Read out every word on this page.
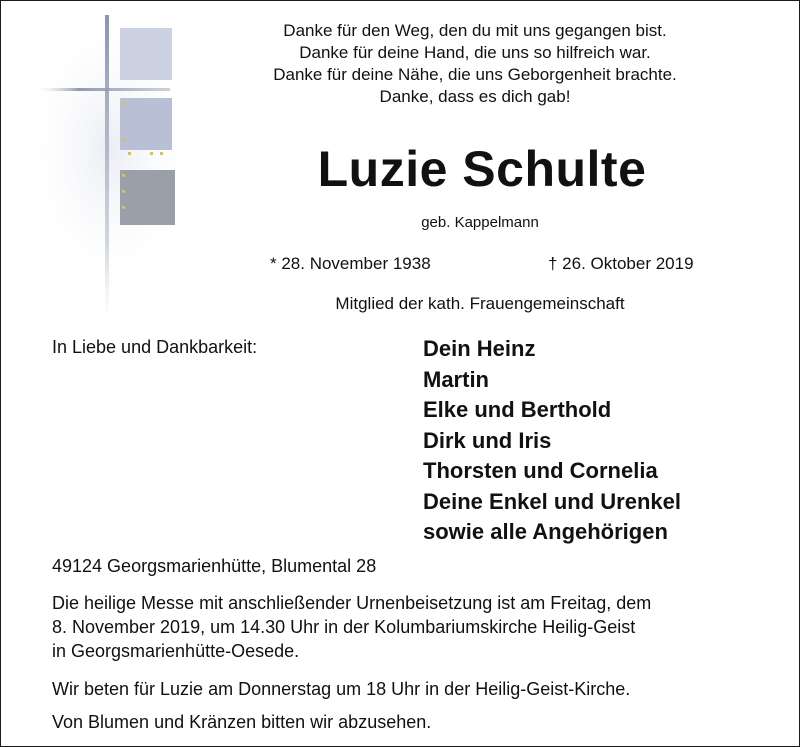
Danke für den Weg, den du mit uns gegangen bist.
Danke für deine Hand, die uns so hilfreich war.
Danke für deine Nähe, die uns Geborgenheit brachte.
Danke, dass es dich gab!
Luzie Schulte
geb. Kappelmann
* 28. November 1938	† 26. Oktober 2019
Mitglied der kath. Frauengemeinschaft
In Liebe und Dankbarkeit:	Dein Heinz
Martin
Elke und Berthold
Dirk und Iris
Thorsten und Cornelia
Deine Enkel und Urenkel
sowie alle Angehörigen
49124 Georgsmarienhütte, Blumental 28
Die heilige Messe mit anschließender Urnenbeisetzung ist am Freitag, dem
8. November 2019, um 14.30 Uhr in der Kolumbariumskirche Heilig-Geist
in Georgsmarienhütte-Oesede.
Wir beten für Luzie am Donnerstag um 18 Uhr in der Heilig-Geist-Kirche.
Von Blumen und Kränzen bitten wir abzusehen.
